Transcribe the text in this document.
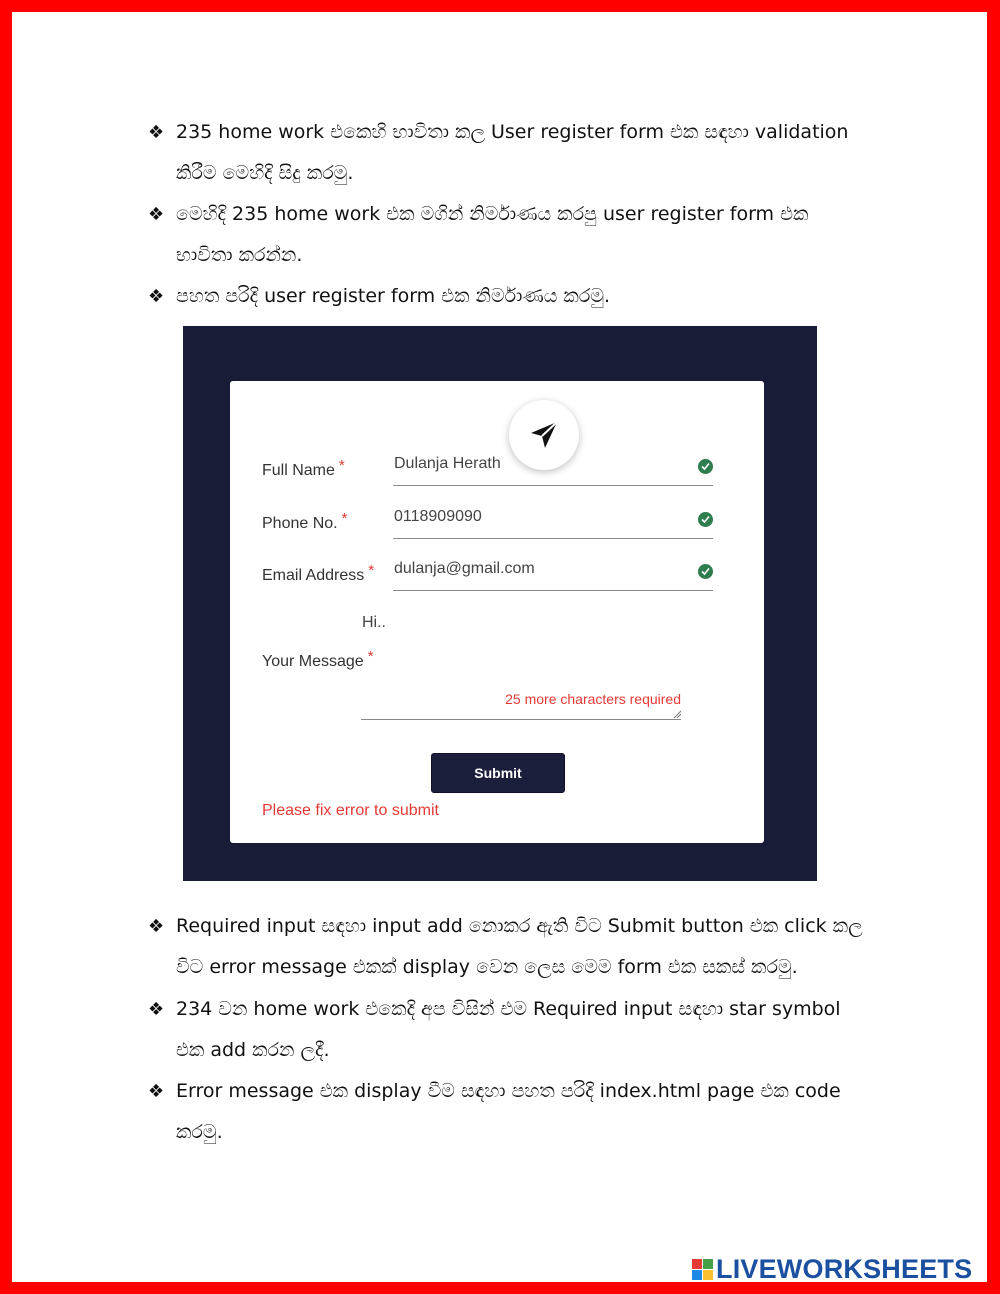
❖ 235 home work එකෙහි භාවිතා කල User register form එක සඳහා validation
කිරීම මෙහිදි සිදු කරමු.
❖ මෙහිදි 235 home work එක මගින් නිර්මාණය කරපු user register form එක
භාවිතා කරන්න.
❖ පහත පරිදි user register form එක නිර්මාණය කරමු.
Full Name *	Dulanja Herath
Phone No. *	0118909090
Email Address * dulanja@gmail.com
Your Message *
Hi..
25 more characters required
Submit
Please fix error to submit
❖ Required input සඳහා input add නොකර ඇති විට Submit button එක click කල
විට error message එකක් display වෙන ලෙස මෙම form එක සකස් කරමු.
❖ 234 වන home work එකෙදි අප විසින් එම Required input සඳහා star symbol
එක add කරන ලදී.
❖ Error message එක display වීම සඳහා පහත පරිදි index.html page එක code
කරමු.
LIVEWORKSHEETS
